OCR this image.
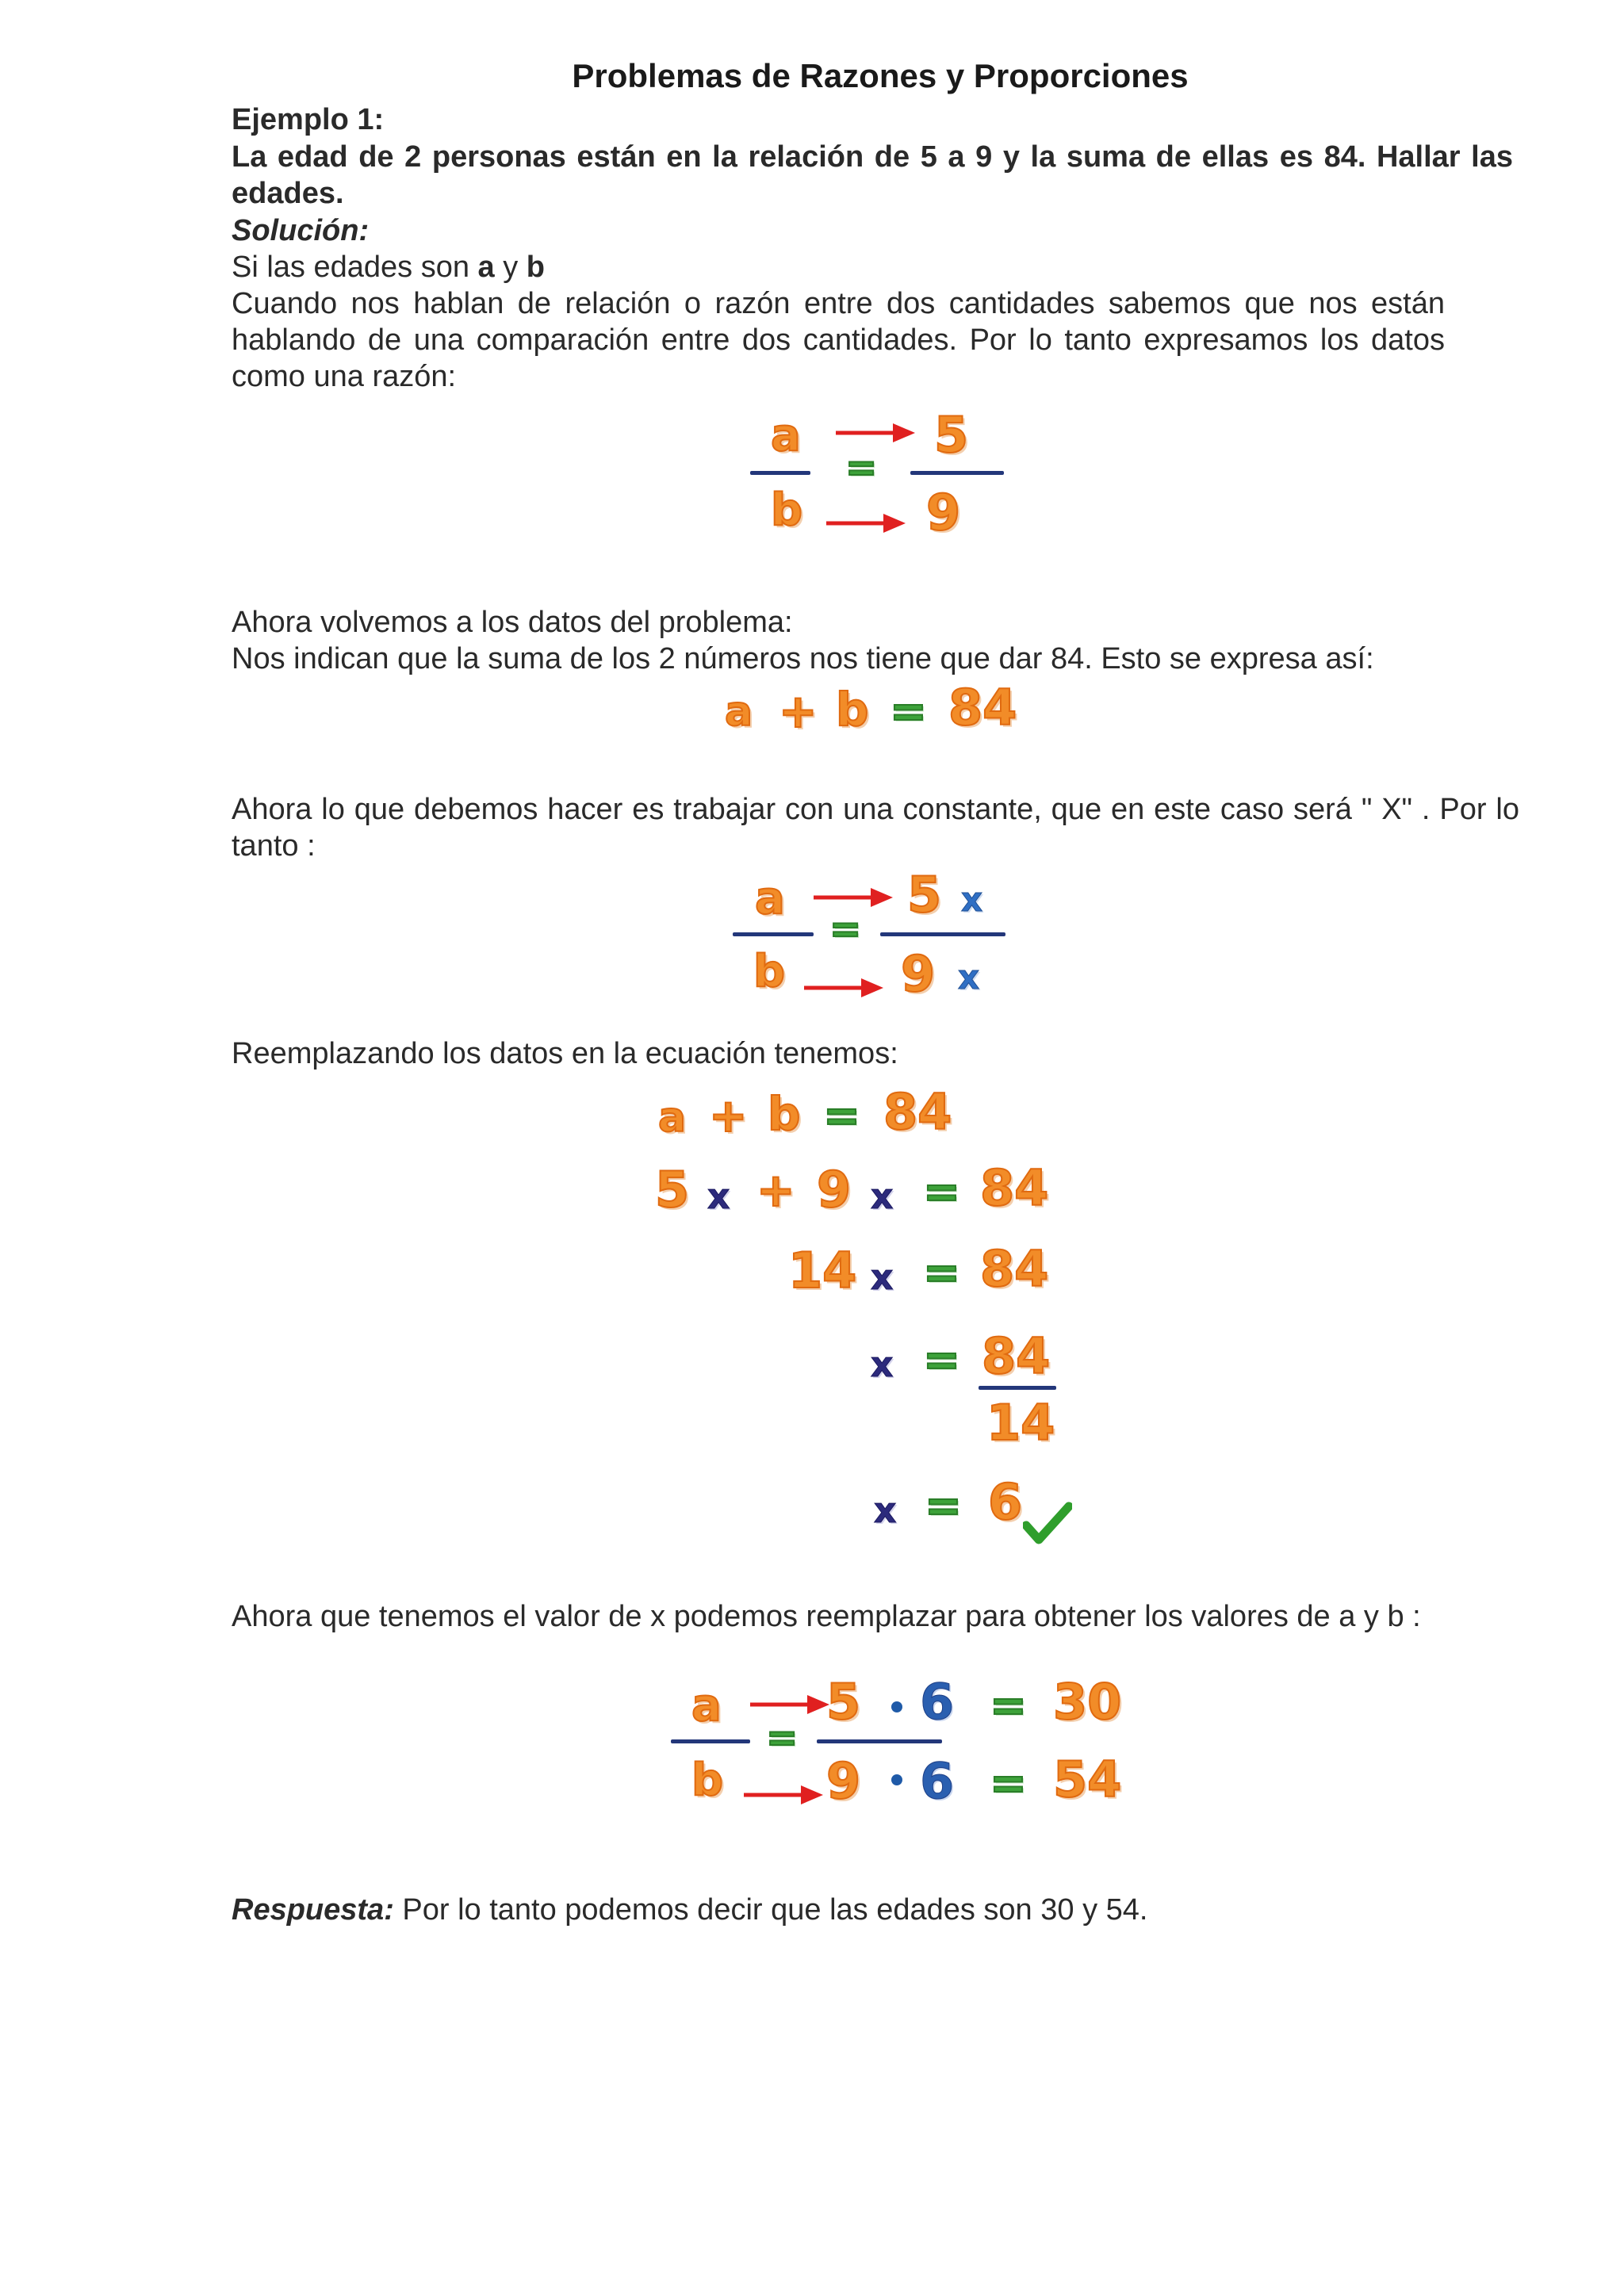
Problemas de Razones y Proporciones
Ejemplo 1:
La edad de 2 personas están en la relación de 5 a 9 y la suma de ellas es 84. Hallar las edades.
Solución:
Si las edades son a y b
Cuando nos hablan de relación o razón entre dos cantidades sabemos que nos están hablando de una comparación entre dos cantidades. Por lo tanto expresamos los datos como una razón:
a
b
=
5
9
Ahora volvemos a los datos del problema:
Nos indican que la suma de los 2 números nos tiene que dar 84. Esto se expresa así:
a + b = 84
Ahora lo que debemos hacer es trabajar con una constante, que en este caso será " X" . Por lo tanto :
a
b
=
5 x
9 x
Reemplazando los datos en la ecuación tenemos:
a + b = 84
5 x + 9 x = 84
14 x = 84
x = 84
14
x = 6
Ahora que tenemos el valor de x podemos reemplazar para obtener los valores de a y b :
a
b
=
5 6
9 6
= 30
= 54
Respuesta: Por lo tanto podemos decir que las edades son 30 y 54.
